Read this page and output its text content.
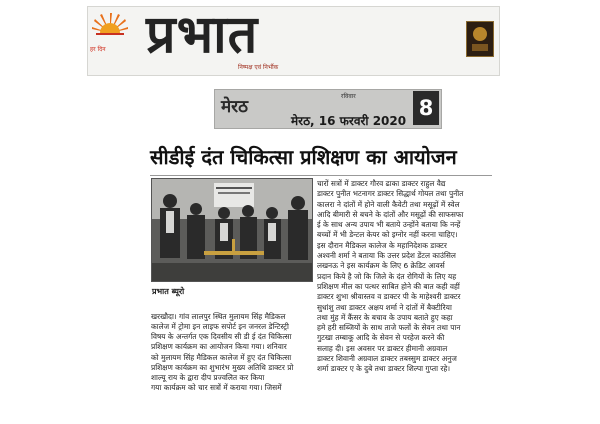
हर दिन प्रभात
निष्पक्ष एवं निर्भीक
मेरठ
रविवार
मेरठ, 16 फरवरी 2020
8
सीडीई दंत चिकित्सा प्रशिक्षण का आयोजन
प्रभात ब्यूरो
चारों सत्रों में डाक्टर गौरव ढाका डाक्टर राहुल वैद्य
डाक्टर पुनीत भटनागर डाक्टर सिद्धार्थ गोयल तथा पुनीत
कालरा ने दांतों में होने वाली कैवेटी तथा मसूढ़ों में स्वेल
आदि बीमारी से बचने के दांतों और मसूढ़ों की साफसफा
ई के साथ अन्य उपाय भी बताये उन्होंने बताया कि नन्हें
बच्चों में भी डेन्टल केयर को इग्नोर नहीं करना चाहिए।
इस दौरान मैडिकल कालेज के महानिदेशक डाक्टर
अश्वनी शर्मा ने बताया कि उत्तर प्रदेश डेंटल काउंसिल
लखनऊ ने इस कार्यक्रम के लिए 6 क्रेडिट आवर्स
प्रदान किये है जो कि जिले के दंत रोगियों के लिए यह
प्रशिक्षण मील का पत्थर साबित होने की बात कही वहीं
डाक्टर शुभा श्रीवास्तव व डाक्टर पी के माहेश्वरी डाक्टर
सुधांशु तथा डाक्टर अक्षय शर्मा ने दांतों में बैक्टीरिया
तथा मुंह में कैंसर के बचाव के उपाय बताते हुए कहा
हमे हरी सब्जियों के साथ ताजे फलों के सेवन तथा पान
गुटखा तम्बाकू आदि के सेवन से परहेज करने की
सलाह दी। इस अवसर पर डाक्टर हीमानी अग्रवाल
डाक्टर शिवानी अग्रवाल डाक्टर तबस्सुम डाक्टर अनुज
शर्मा डाक्टर ए के दुबे तथा डाक्टर शिल्पा गुप्ता रहे।
खरखौदा। गांव लालपुर स्थित मुलायम सिंह मैडिकल
कालेज में ट्रोमा इन लाइफ सपोर्ट इन जनरल डेन्टिस्ट्री
विषय के अन्तर्गत एक दिवसीय सी डी ई दंत चिकित्सा
प्रशिक्षण कार्यक्रम का आयोजन किया गया। शनिवार
को मुलायम सिंह मैडिकल कालेज में हुए दंत चिकित्सा
प्रशिक्षण कार्यक्रम का शुभारंभ मुख्य अतिथि डाक्टर प्रो
शाल्यू राय के द्वारा दीप प्रज्वलित कर किया
गया कार्यक्रम को चार सत्रों में कराया गया। जिसमें
